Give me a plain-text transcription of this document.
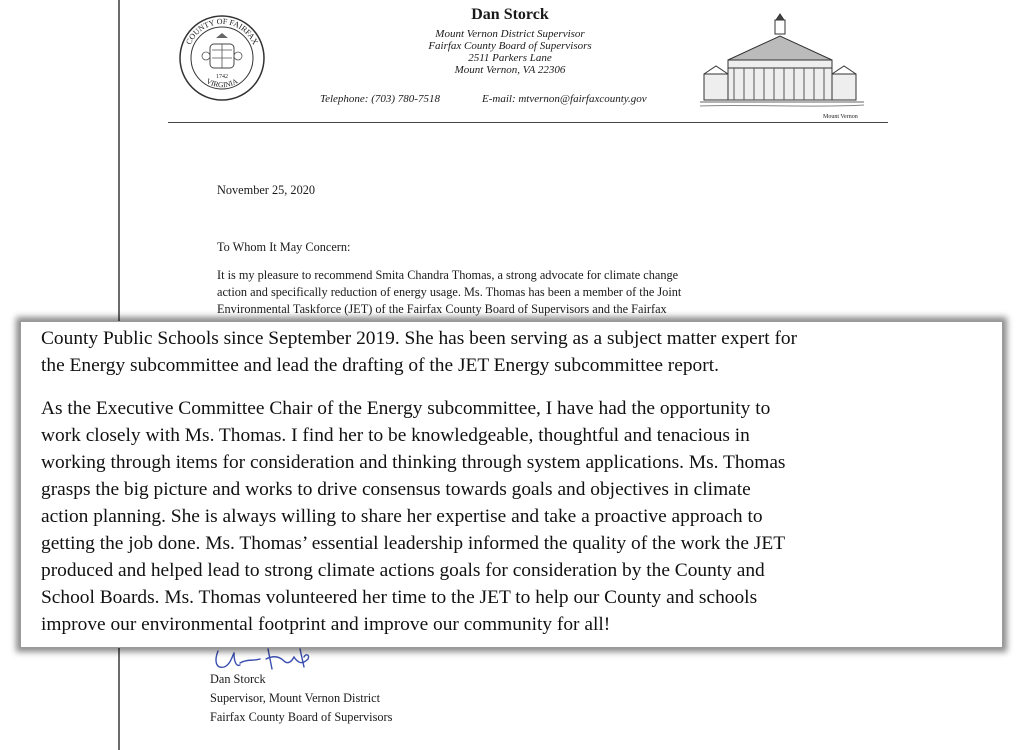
COUNTY OF FAIRFAX
VIRGINIA
1742
Dan Storck
Mount Vernon District Supervisor
Fairfax County Board of Supervisors
2511 Parkers Lane
Mount Vernon, VA 22306
Telephone: (703) 780-7518	E-mail: mtvernon@fairfaxcounty.gov
Mount Vernon
November 25, 2020
To Whom It May Concern:
It is my pleasure to recommend Smita Chandra Thomas, a strong advocate for climate change
action and specifically reduction of energy usage. Ms. Thomas has been a member of the Joint
Environmental Taskforce (JET) of the Fairfax County Board of Supervisors and the Fairfax
Dan Storck
Supervisor, Mount Vernon District
Fairfax County Board of Supervisors
County Public Schools since September 2019. She has been serving as a subject matter expert for
the Energy subcommittee and lead the drafting of the JET Energy subcommittee report.
As the Executive Committee Chair of the Energy subcommittee, I have had the opportunity to
work closely with Ms. Thomas. I find her to be knowledgeable, thoughtful and tenacious in
working through items for consideration and thinking through system applications. Ms. Thomas
grasps the big picture and works to drive consensus towards goals and objectives in climate
action planning. She is always willing to share her expertise and take a proactive approach to
getting the job done. Ms. Thomas’ essential leadership informed the quality of the work the JET
produced and helped lead to strong climate actions goals for consideration by the County and
School Boards. Ms. Thomas volunteered her time to the JET to help our County and schools
improve our environmental footprint and improve our community for all!
